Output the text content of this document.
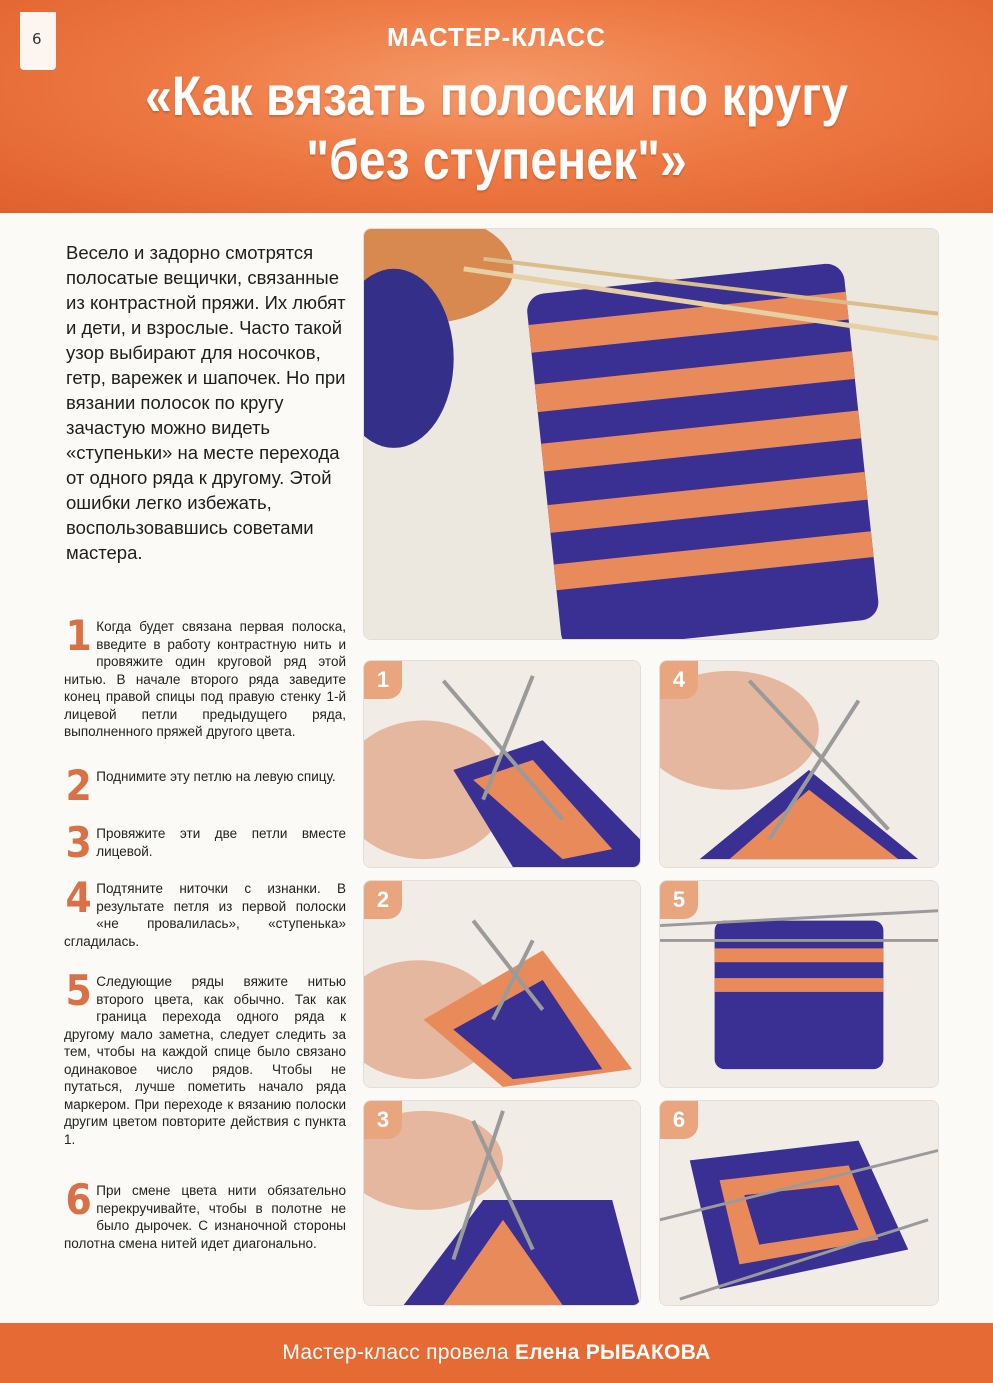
6	МАСТЕР-КЛАСС
«Как вязать полоски по кругу
"без ступенек"»
Весело и задорно смотрятся полосатые вещички, связанные из контрастной пряжи. Их любят и дети, и взрослые. Часто такой узор выбирают для носочков, гетр, варежек и шапочек. Но при вязании полосок по кругу зачастую можно видеть «ступеньки» на месте перехода от одного ряда к другому. Этой ошибки легко избежать, воспользовавшись советами мастера.
1 Когда будет связана первая полоска, введите в работу контрастную нить и провяжите один круговой ряд этой нитью. В начале второго ряда заведите конец правой спицы под правую стенку 1-й лицевой петли предыдущего ряда, выполненного пряжей другого цвета.
2 Поднимите эту петлю на левую спицу.
3 Провяжите эти две петли вместе лицевой.
4 Подтяните ниточки с изнанки. В результате петля из первой полоски «не провалилась», «ступенька» сгладилась.
5 Следующие ряды вяжите нитью второго цвета, как обычно. Так как граница перехода одного ряда к другому мало заметна, следует следить за тем, чтобы на каждой спице было связано одинаковое число рядов. Чтобы не путаться, лучше пометить начало ряда маркером. При переходе к вязанию полоски другим цветом повторите действия с пункта 1.
6 При смене цвета нити обязательно перекручивайте, чтобы в полотне не было дырочек. С изнаночной стороны полотна смена нитей идет диагонально.
1	4
2	5
3	6
Мастер-класс провела Елена РЫБАКОВА
